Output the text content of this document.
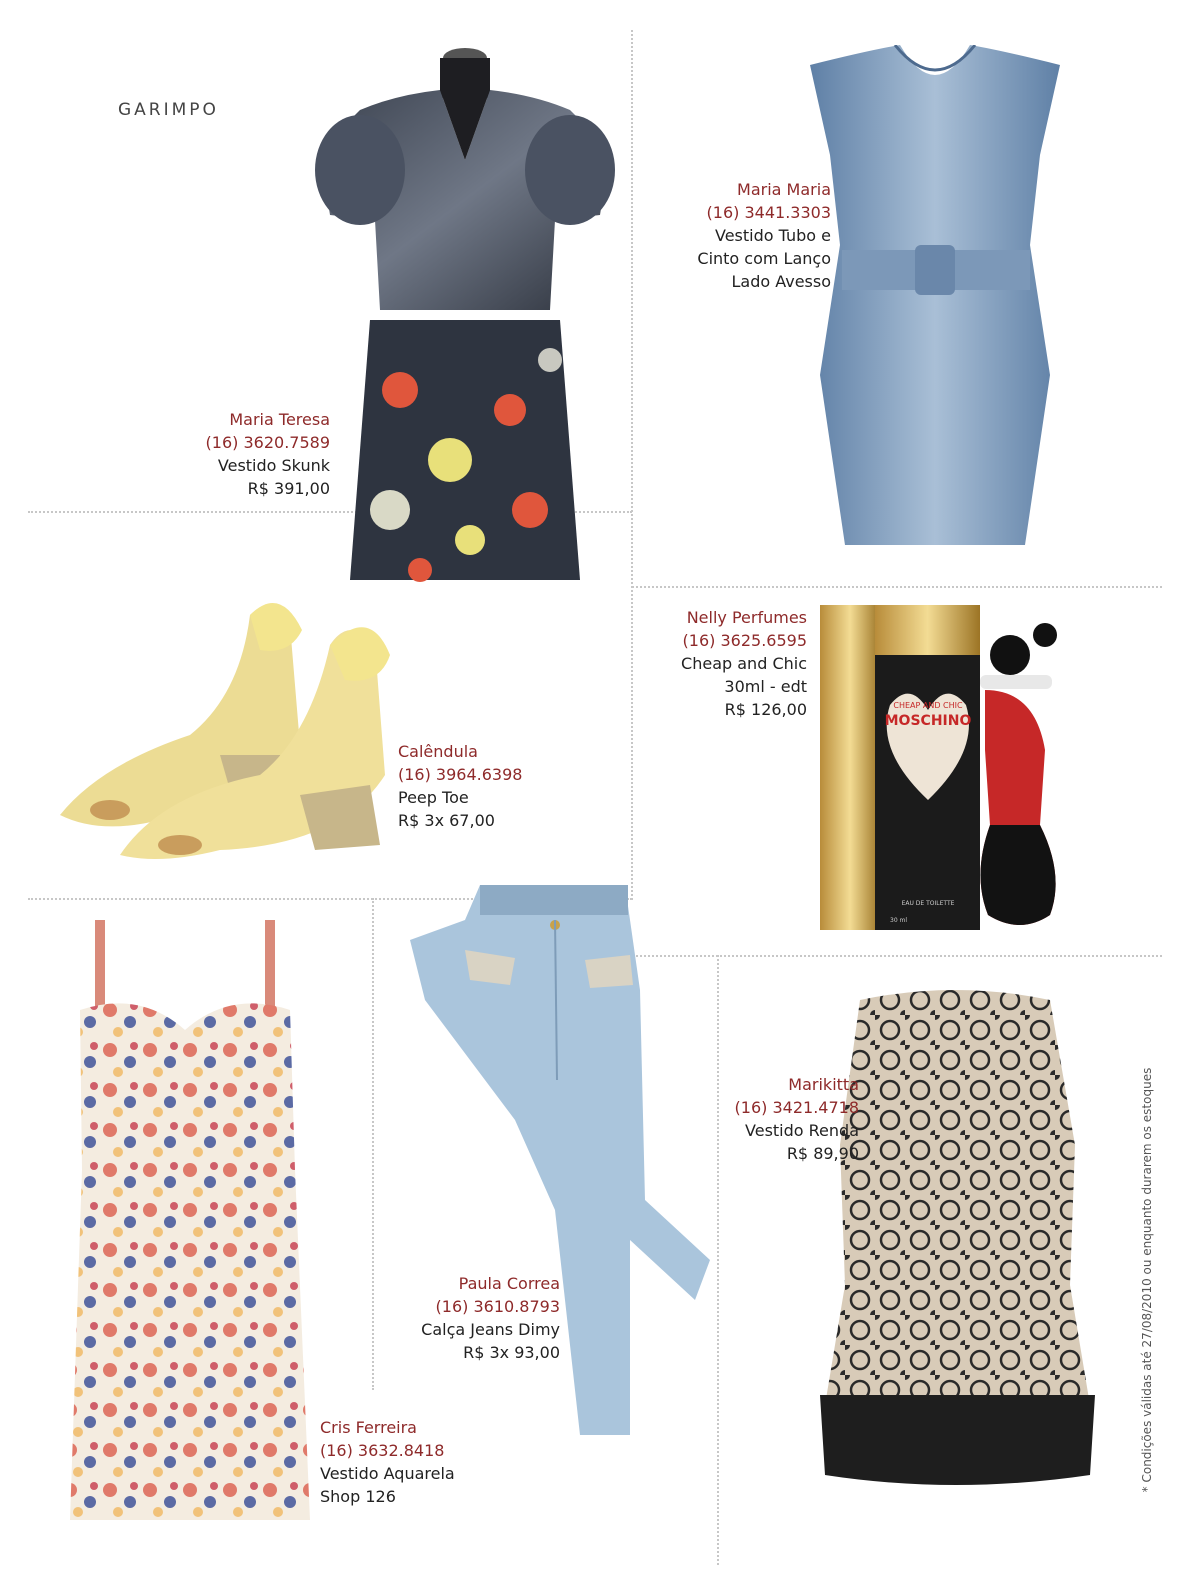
GARIMPO
Maria Teresa
(16) 3620.7589
Vestido Skunk
R$ 391,00
Maria Maria
(16) 3441.3303
Vestido Tubo e
Cinto com Lanço
Lado Avesso
Calêndula
(16) 3964.6398
Peep Toe
R$ 3x 67,00
CHEAP AND CHIC
MOSCHINO
EAU DE TOILETTE
30 ml
Nelly Perfumes
(16) 3625.6595
Cheap and Chic
30ml - edt
R$ 126,00
Marikitta
(16) 3421.4718
Vestido Renda
R$ 89,90
Paula Correa
(16) 3610.8793
Calça Jeans Dimy
R$ 3x 93,00
Cris Ferreira
(16) 3632.8418
Vestido Aquarela
Shop 126
* Condições válidas até 27/08/2010 ou enquanto durarem os estoques
